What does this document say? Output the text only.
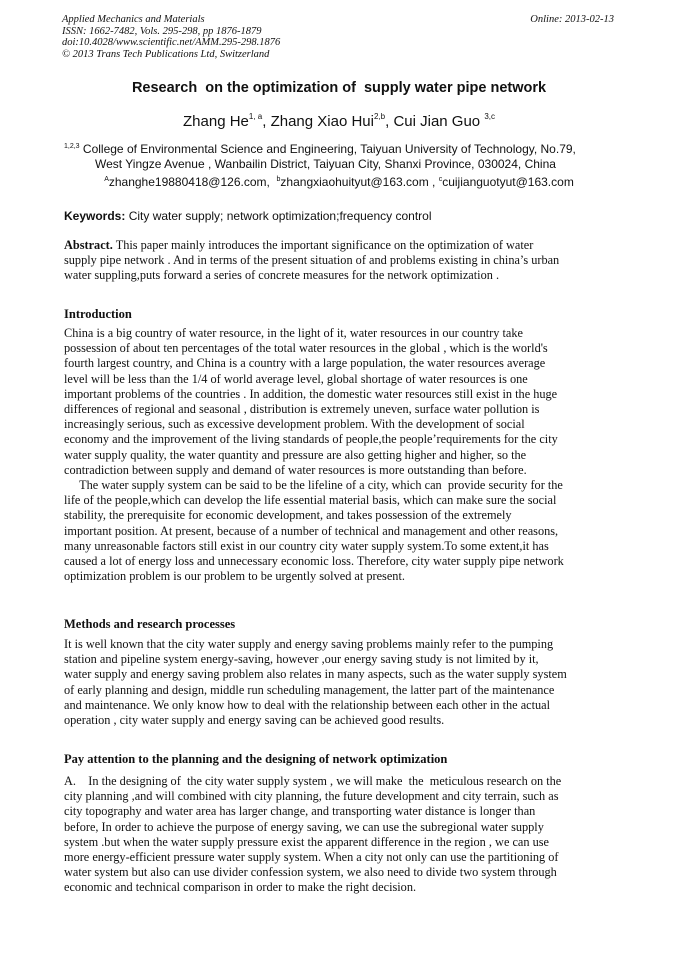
Applied Mechanics and Materials
ISSN: 1662-7482, Vols. 295-298, pp 1876-1879
doi:10.4028/www.scientific.net/AMM.295-298.1876
© 2013 Trans Tech Publications Ltd, Switzerland
Online: 2013-02-13
Research  on the optimization of  supply water pipe network
Zhang He$^{1, a}$, Zhang Xiao Hui$^{2,b}$, Cui Jian Guo $^{3,c}$
$^{1,2,3}$ College of Environmental Science and Engineering, Taiyuan University of Technology, No.79,
West Yingze Avenue , Wanbailin District, Taiyuan City, Shanxi Province, 030024, China
$^A$zhanghe19880418@126.com, $^b$zhangxiaohuityut@163.com , $^c$cuijianguotyut@163.com
Keywords: City water supply; network optimization;frequency control
Abstract. This paper mainly introduces the important significance on the optimization of water
supply pipe network . And in terms of the present situation of and problems existing in china’s urban
water suppling,puts forward a series of concrete measures for the network optimization .
Introduction
China is a big country of water resource, in the light of it, water resources in our country take
possession of about ten percentages of the total water resources in the global , which is the world's
fourth largest country, and China is a country with a large population, the water resources average
level will be less than the 1/4 of world average level, global shortage of water resources is one
important problems of the countries . In addition, the domestic water resources still exist in the huge
differences of regional and seasonal , distribution is extremely uneven, surface water pollution is
increasingly serious, such as excessive development problem. With the development of social
economy and the improvement of the living standards of people,the people’requirements for the city
water supply quality, the water quantity and pressure are also getting higher and higher, so the
contradiction between supply and demand of water resources is more outstanding than before.
The water supply system can be said to be the lifeline of a city, which can  provide security for the
life of the people,which can develop the life essential material basis, which can make sure the social
stability, the prerequisite for economic development, and takes possession of the extremely
important position. At present, because of a number of technical and management and other reasons,
many unreasonable factors still exist in our country city water supply system.To some extent,it has
caused a lot of energy loss and unnecessary economic loss. Therefore, city water supply pipe network
optimization problem is our problem to be urgently solved at present.
Methods and research processes
It is well known that the city water supply and energy saving problems mainly refer to the pumping
station and pipeline system energy-saving, however ,our energy saving study is not limited by it,
water supply and energy saving problem also relates in many aspects, such as the water supply system
of early planning and design, middle run scheduling management, the latter part of the maintenance
and maintenance. We only know how to deal with the relationship between each other in the actual
operation , city water supply and energy saving can be achieved good results.
Pay attention to the planning and the designing of network optimization
A.    In the designing of  the city water supply system , we will make  the  meticulous research on the
city planning ,and will combined with city planning, the future development and city terrain, such as
city topography and water area has larger change, and transporting water distance is longer than
before, In order to achieve the purpose of energy saving, we can use the subregional water supply
system .but when the water supply pressure exist the apparent difference in the region , we can use
more energy-efficient pressure water supply system. When a city not only can use the partitioning of
water system but also can use divider confession system, we also need to divide two system through
economic and technical comparison in order to make the right decision.
